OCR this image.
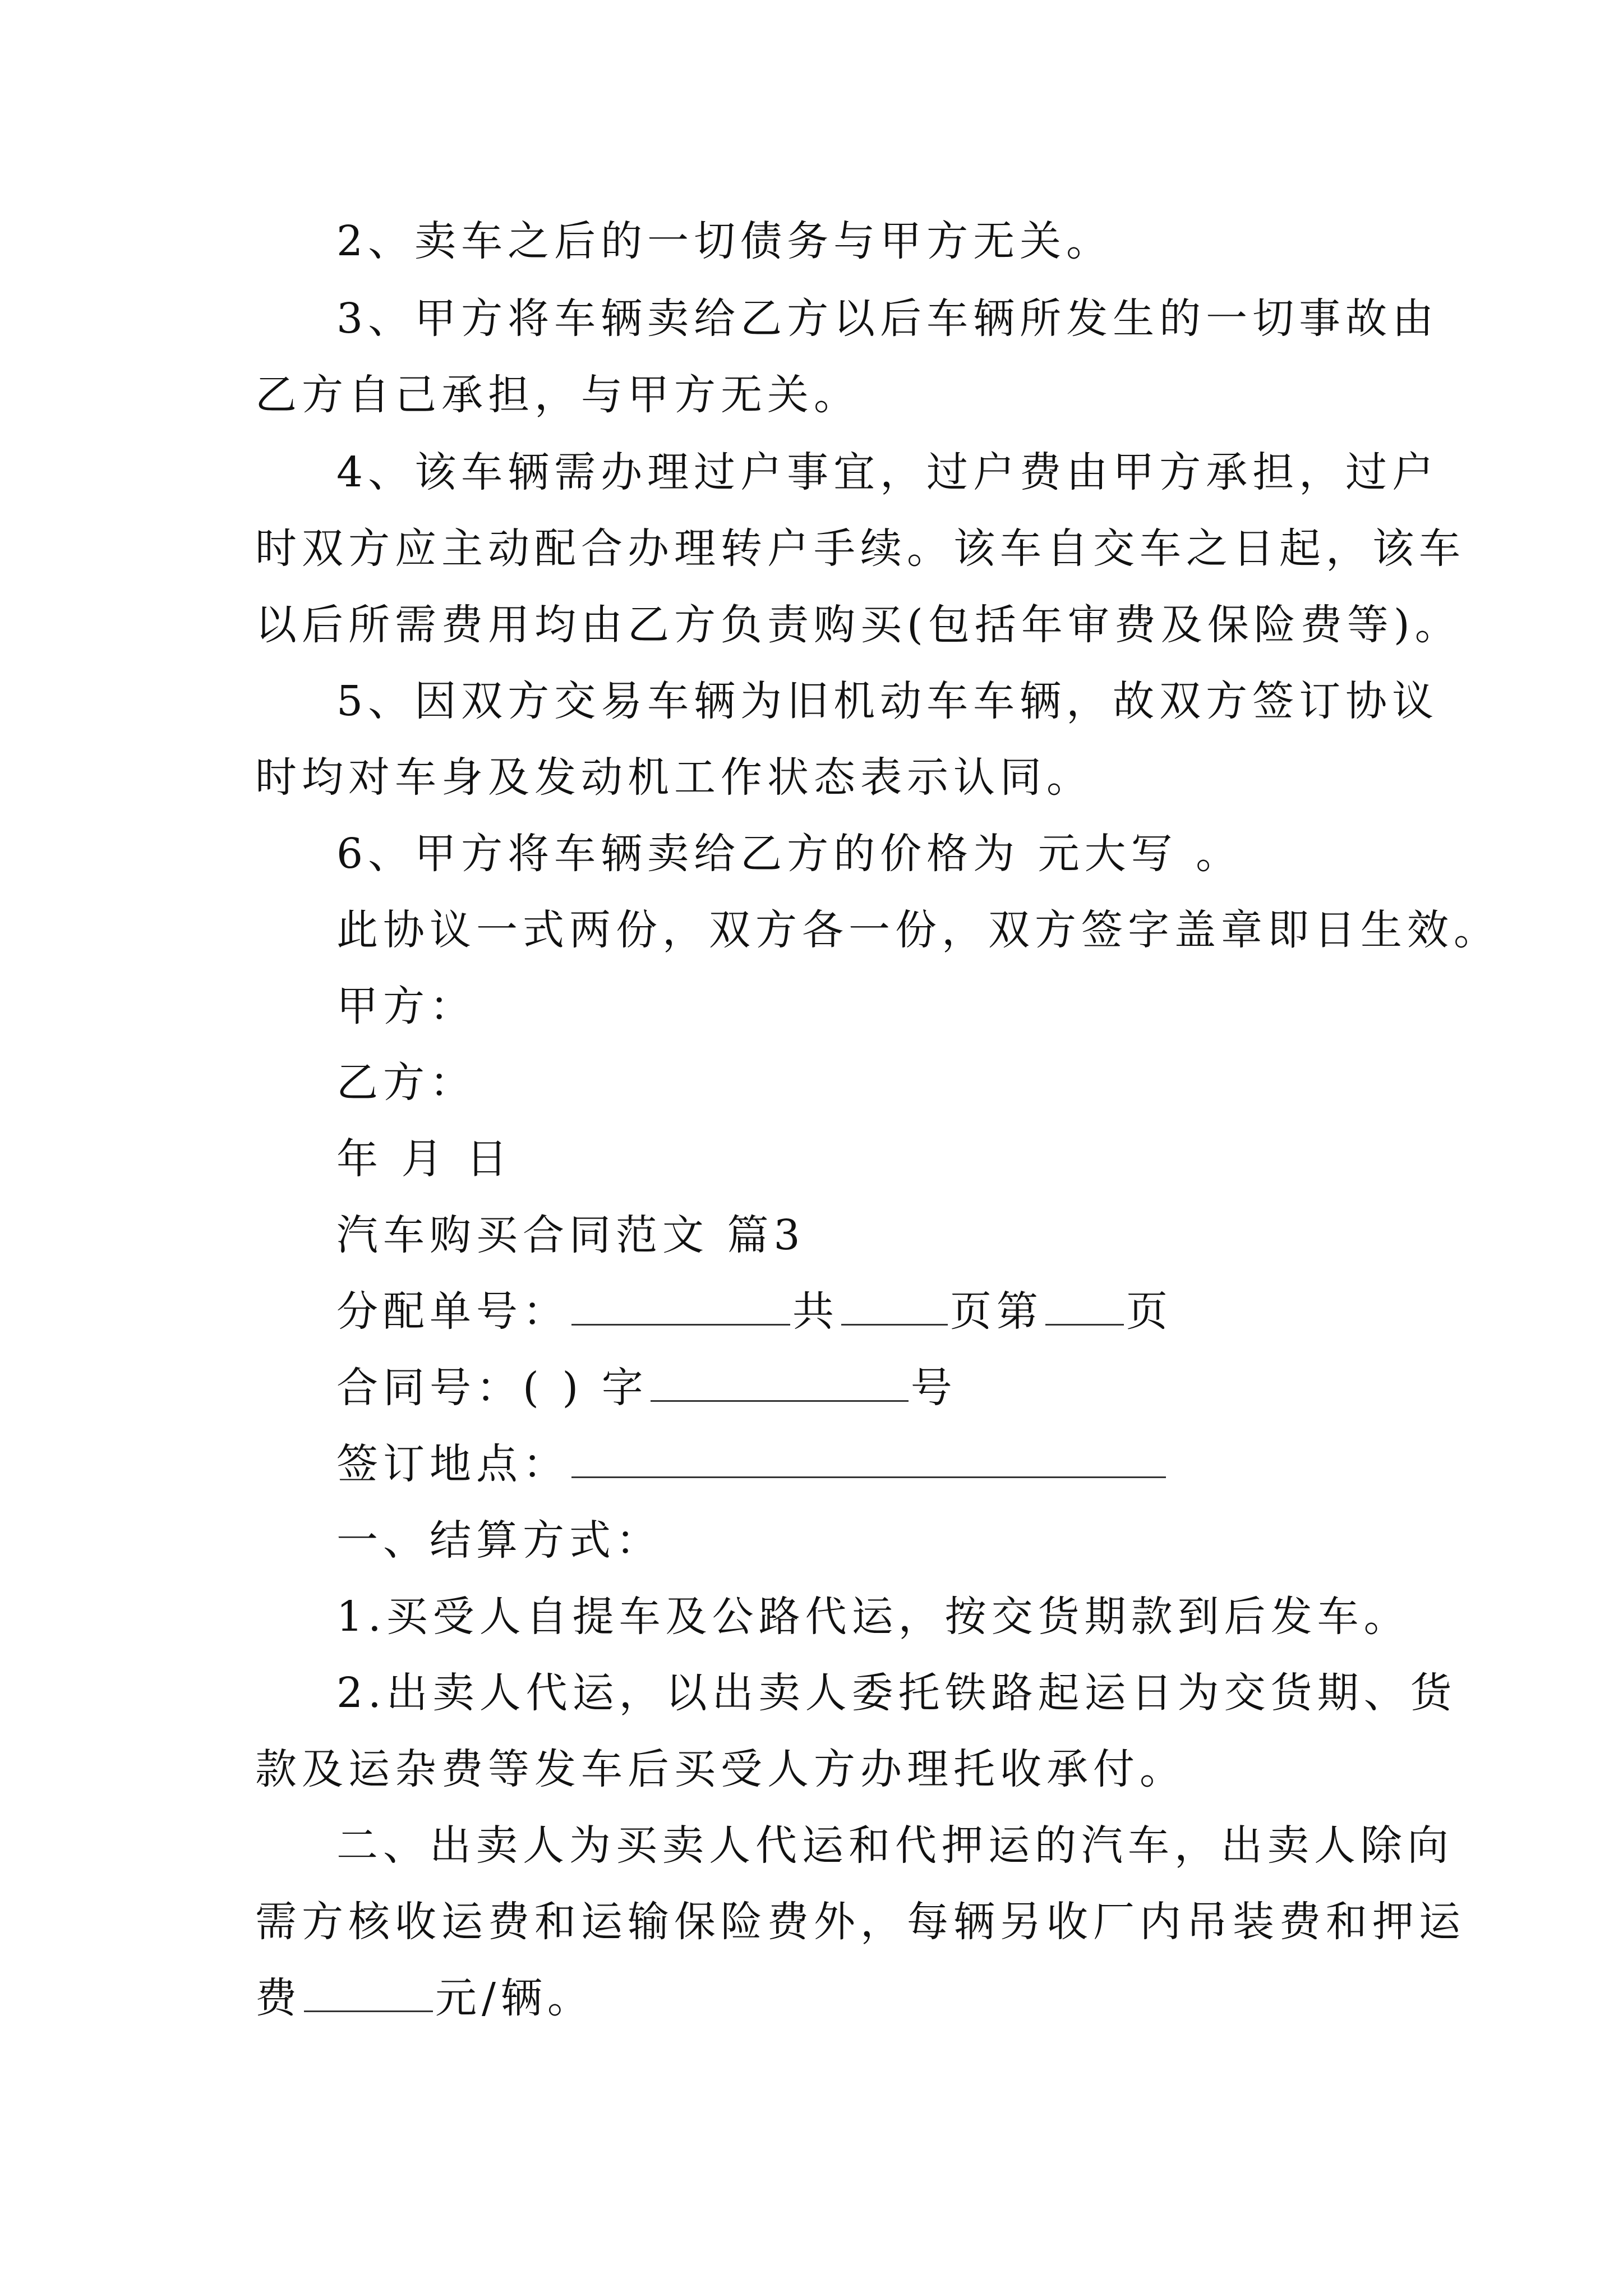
2、卖车之后的一切债务与甲方无关。
3、甲方将车辆卖给乙方以后车辆所发生的一切事故由
乙方自己承担，与甲方无关。
4、该车辆需办理过户事宜，过户费由甲方承担，过户
时双方应主动配合办理转户手续。该车自交车之日起，该车
以后所需费用均由乙方负责购买(包括年审费及保险费等)。
5、因双方交易车辆为旧机动车车辆，故双方签订协议
时均对车身及发动机工作状态表示认同。
6、甲方将车辆卖给乙方的价格为 元大写 。
此协议一式两份，双方各一份，双方签字盖章即日生效。
甲方：
乙方：
年 月 日
汽车购买合同范文 篇3
分配单号：	共	页第 页
合同号：( ) 字	号
签订地点：
一、结算方式：
1.买受人自提车及公路代运，按交货期款到后发车。
2.出卖人代运，以出卖人委托铁路起运日为交货期、货
款及运杂费等发车后买受人方办理托收承付。
二、出卖人为买卖人代运和代押运的汽车，出卖人除向
需方核收运费和运输保险费外，每辆另收厂内吊装费和押运
费	元/辆。
